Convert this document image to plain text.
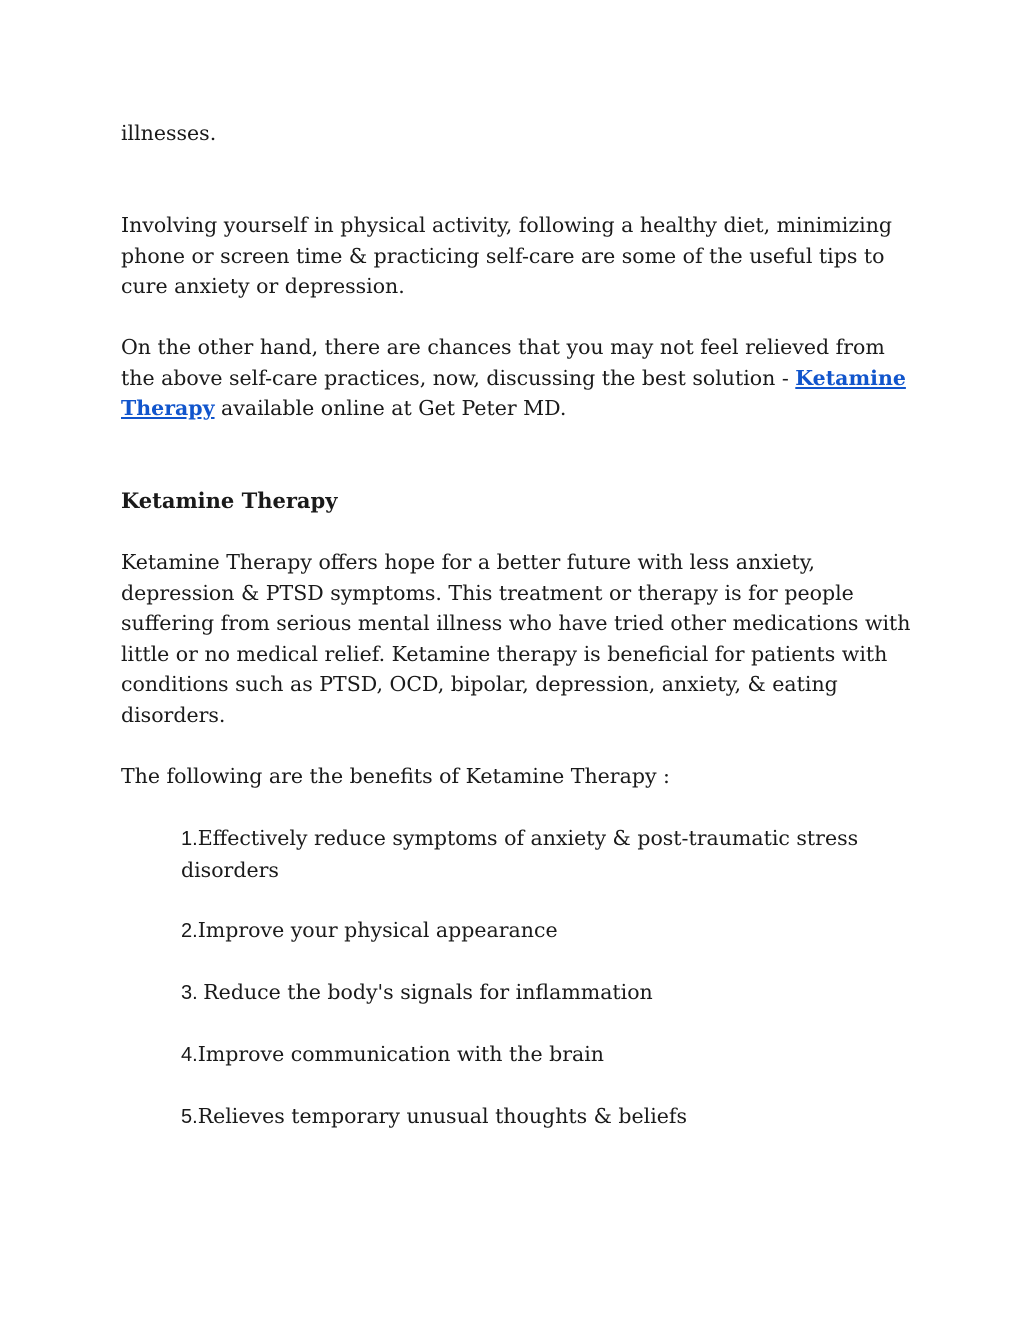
illnesses.

Involving yourself in physical activity, following a healthy diet, minimizing phone or screen time & practicing self-care are some of the useful tips to cure anxiety or depression.

On the other hand, there are chances that you may not feel relieved from the above self-care practices, now, discussing the best solution - Ketamine Therapy available online at Get Peter MD.

Ketamine Therapy

Ketamine Therapy offers hope for a better future with less anxiety, depression & PTSD symptoms. This treatment or therapy is for people suffering from serious mental illness who have tried other medications with little or no medical relief. Ketamine therapy is beneficial for patients with conditions such as PTSD, OCD, bipolar, depression, anxiety, & eating disorders.

The following are the benefits of Ketamine Therapy :

1.Effectively reduce symptoms of anxiety & post-traumatic stress disorders

2.Improve your physical appearance

3. Reduce the body's signals for inflammation

4.Improve communication with the brain

5.Relieves temporary unusual thoughts & beliefs
